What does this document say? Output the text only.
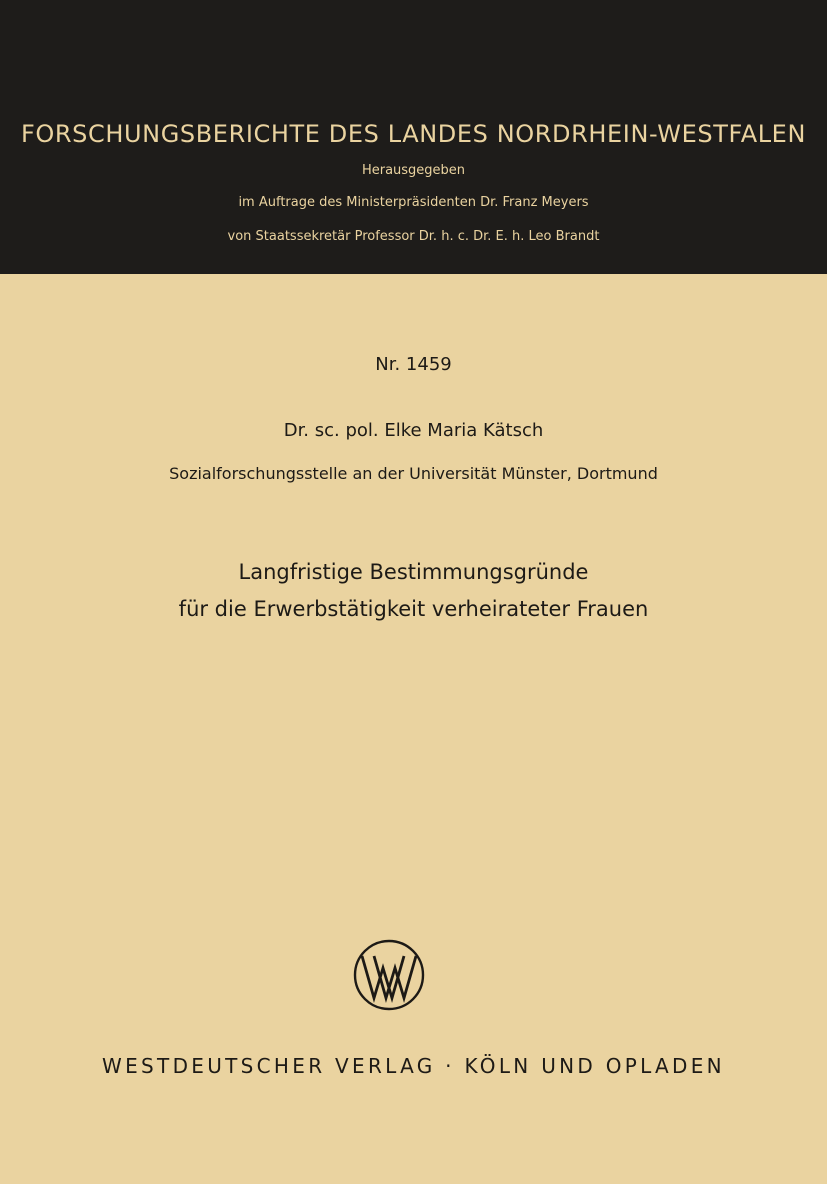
FORSCHUNGSBERICHTE DES LANDES NORDRHEIN-WESTFALEN
Herausgegeben
im Auftrage des Ministerpräsidenten Dr. Franz Meyers
von Staatssekretär Professor Dr. h. c. Dr. E. h. Leo Brandt
Nr. 1459
Dr. sc. pol. Elke Maria Kätsch
Sozialforschungsstelle an der Universität Münster, Dortmund
Langfristige Bestimmungsgründe
für die Erwerbstätigkeit verheirateter Frauen
WESTDEUTSCHER VERLAG · KÖLN UND OPLADEN
